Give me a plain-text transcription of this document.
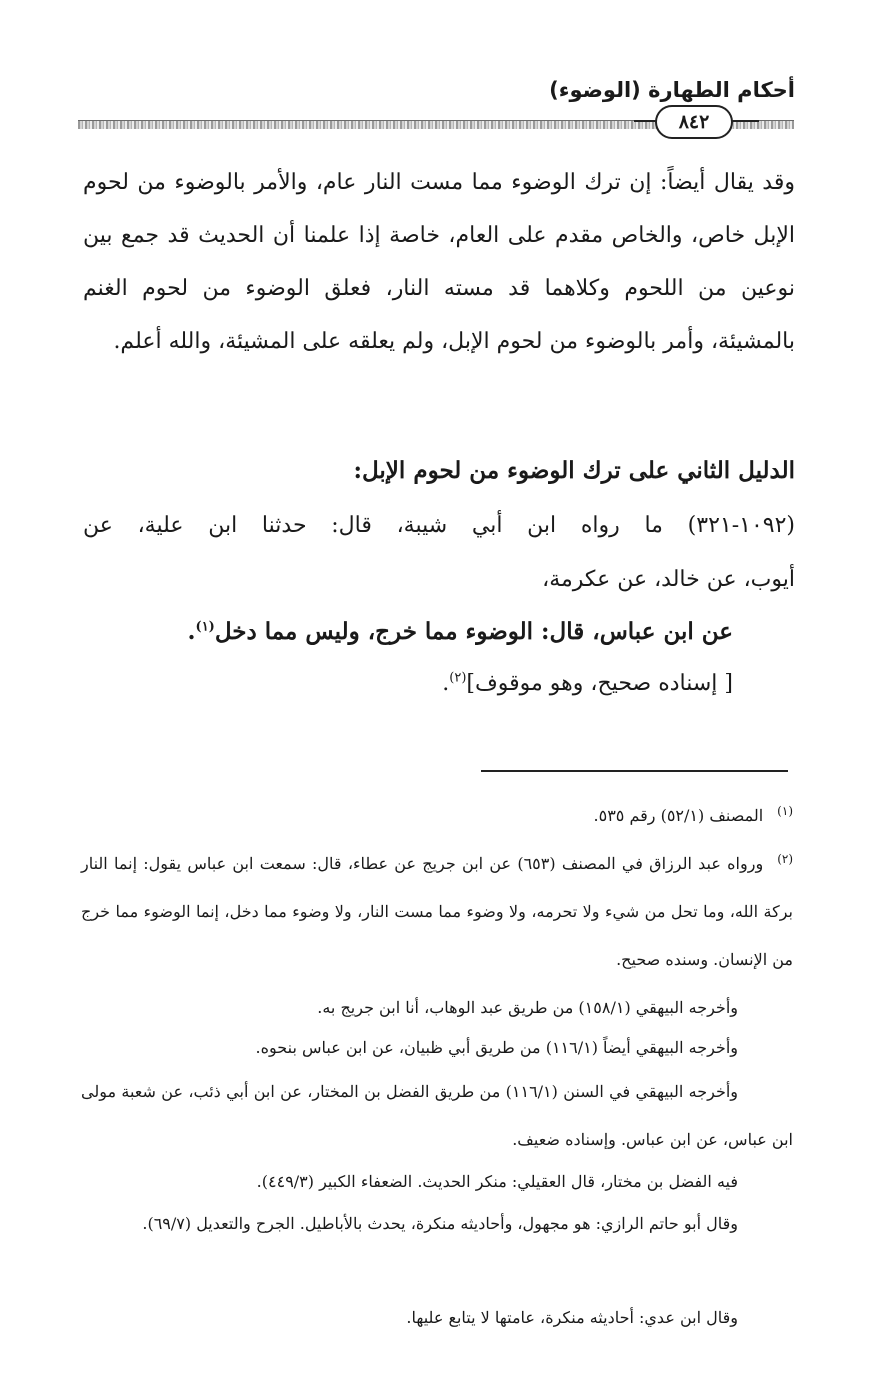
أحكام الطهارة (الوضوء)
٨٤٢

وقد يقال أيضاً: إن ترك الوضوء مما مست النار عام، والأمر بالوضوء من لحوم الإبل خاص، والخاص مقدم على العام، خاصة إذا علمنا أن الحديث قد جمع بين نوعين من اللحوم وكلاهما قد مسته النار، فعلق الوضوء من لحوم الغنم بالمشيئة، وأمر بالوضوء من لحوم الإبل، ولم يعلقه على المشيئة، والله أعلم.

الدليل الثاني على ترك الوضوء من لحوم الإبل:
(١٠٩٢-٣٢١) ما رواه ابن أبي شيبة، قال: حدثنا ابن علية، عن
أيوب، عن خالد، عن عكرمة،
عن ابن عباس، قال: الوضوء مما خرج، وليس مما دخل$^{(١)}$.
[ إسناده صحيح، وهو موقوف]$^{(٢)}$.

$^{(١)}$المصنف (٥٢/١) رقم ٥٣٥.

$^{(٢)}$ورواه عبد الرزاق في المصنف (٦٥٣) عن ابن جريج عن عطاء، قال: سمعت ابن عباس يقول: إنما النار بركة الله، وما تحل من شيء ولا تحرمه، ولا وضوء مما مست النار، ولا وضوء مما دخل، إنما الوضوء مما خرج من الإنسان. وسنده صحيح.

وأخرجه البيهقي (١٥٨/١) من طريق عبد الوهاب، أنا ابن جريج به.

وأخرجه البيهقي أيضاً (١١٦/١) من طريق أبي ظبيان، عن ابن عباس بنحوه.

وأخرجه البيهقي في السنن (١١٦/١) من طريق الفضل بن المختار، عن ابن أبي ذئب، عن شعبة مولى ابن عباس، عن ابن عباس. وإسناده ضعيف.

فيه الفضل بن مختار، قال العقيلي: منكر الحديث. الضعفاء الكبير (٤٤٩/٣).

وقال أبو حاتم الرازي: هو مجهول، وأحاديثه منكرة، يحدث بالأباطيل. الجرح والتعديل (٦٩/٧).

وقال ابن عدي: أحاديثه منكرة، عامتها لا يتابع عليها.
